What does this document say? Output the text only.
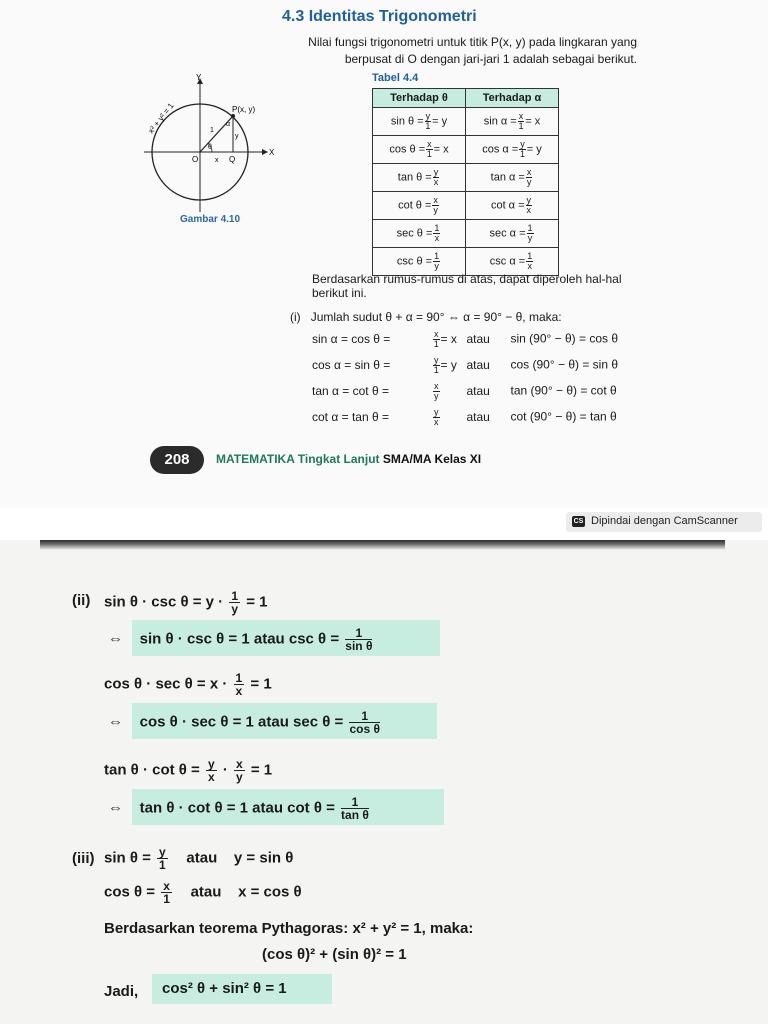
4.3 Identitas Trigonometri
Nilai fungsi trigonometri untuk titik P(x, y) pada lingkaran yang berpusat di O dengan jari-jari 1 adalah sebagai berikut.
Y
X
O	Q
P(x, y)
x
y
1
θ
α
x² + y² = 1
Gambar 4.10
Tabel 4.4
Terhadap θ	Terhadap α
$\sin \theta = \frac{y}{1} = y$	$\sin \alpha = \frac{x}{1} = x$
$\cos \theta = \frac{x}{1} = x$	$\cos \alpha = \frac{y}{1} = y$
$\tan \theta = \frac{y}{x}$	$\tan \alpha = \frac{x}{y}$

$\cot \theta = \frac{x}{y}$	$\cot \alpha = \frac{y}{x}$

$\sec \theta = \frac{1}{x}$	$\sec \alpha = \frac{1}{y}$

$\csc \theta = \frac{1}{y}$	$\csc \alpha = \frac{1}{x}$
Berdasarkan rumus-rumus di atas, dapat diperoleh hal-hal berikut ini.
(i) Jumlah sudut θ + α = 90° ⇔ α = 90° − θ, maka:
sin α = cos θ =	$\frac{x}{1} = x$ atau sin (90° − θ) = cos θ
cos α = sin θ =	$\frac{y}{1} = y$ atau cos (90° − θ) = sin θ
tan α = cot θ =	$\frac{x}{y}$ atau tan (90° − θ) = cot θ
cot α = tan θ =	$\frac{y}{x}$ atau cot (90° − θ) = tan θ
208	MATEMATIKA Tingkat Lanjut SMA/MA Kelas XI
CS Dipindai dengan CamScanner
(ii) $\sin \theta \cdot \csc \theta = y \cdot \frac{1}{y} = 1$
⇔ sin θ · csc θ = 1 atau $\csc \theta = \frac{1}{\text{sin θ}}$
$\cos \theta \cdot \sec \theta = x \cdot \frac{1}{x} = 1$
⇔ cos θ · sec θ = 1 atau $\sec \theta = \frac{1}{\text{cos θ}}$
$\tan \theta \cdot \cot \theta = \frac{y}{x} \cdot \frac{x}{y} = 1$
⇔ tan θ · cot θ = 1 atau $\cot \theta = \frac{1}{\text{tan θ}}$
(iii) $\sin \theta = \frac{y}{1}$ atau y = sin θ
$\cos \theta = \frac{x}{1}$ atau x = cos θ
Berdasarkan teorema Pythagoras: x² + y² = 1, maka:
(cos θ)² + (sin θ)² = 1
Jadi, cos² θ + sin² θ = 1
